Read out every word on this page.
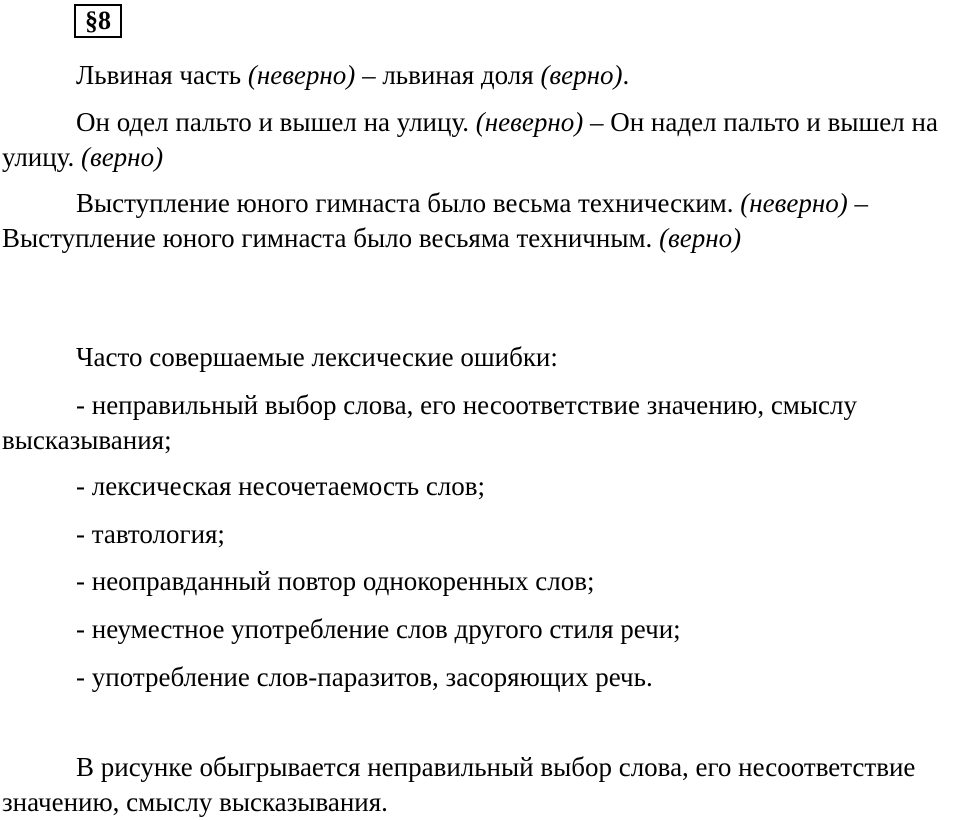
§8

Львиная часть (неверно) – львиная доля (верно).

Он одел пальто и вышел на улицу. (неверно) – Он надел пальто и вышел на улицу. (верно)

Выступление юного гимнаста было весьма техническим. (неверно) – Выступление юного гимнаста было весьяма техничным. (верно)

Часто совершаемые лексические ошибки:

- неправильный выбор слова, его несоответствие значению, смыслу высказывания;

- лексическая несочетаемость слов;

- тавтология;

- неоправданный повтор однокоренных слов;

- неуместное употребление слов другого стиля речи;

- употребление слов-паразитов, засоряющих речь.

В рисунке обыгрывается неправильный выбор слова, его несоответствие значению, смыслу высказывания.
